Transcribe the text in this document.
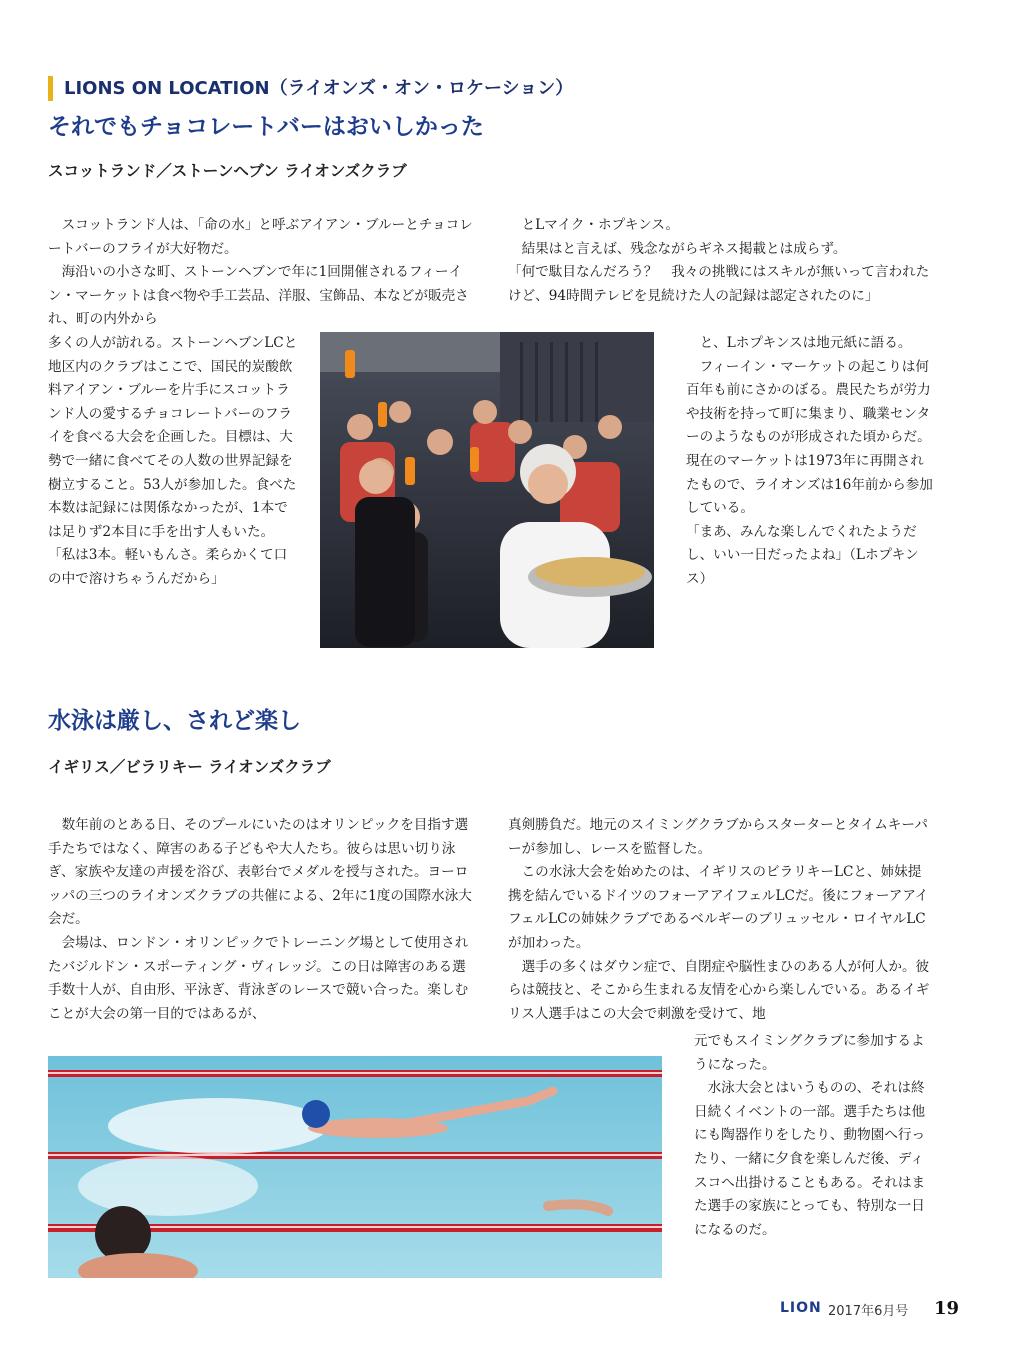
LIONS ON LOCATION（ライオンズ・オン・ロケーション）
それでもチョコレートバーはおいしかった
スコットランド／ストーンヘブン ライオンズクラブ

スコットランド人は、「命の水」と呼ぶアイアン・ブルーとチョコレートバーのフライが大好物だ。

海沿いの小さな町、ストーンヘブンで年に1回開催されるフィーイン・マーケットは食べ物や手工芸品、洋服、宝飾品、本などが販売され、町の内外から

多くの人が訪れる。ストーンヘブンLCと地区内のクラブはここで、国民的炭酸飲料アイアン・ブルーを片手にスコットランド人の愛するチョコレートバーのフライを食べる大会を企画した。目標は、大勢で一緒に食べてその人数の世界記録を樹立すること。53人が参加した。食べた本数は記録には関係なかったが、1本では足りず2本目に手を出す人もいた。

「私は3本。軽いもんさ。柔らかくて口の中で溶けちゃうんだから」

とLマイク・ホプキンス。

結果はと言えば、残念ながらギネス掲載とは成らず。

「何で駄目なんだろう？　我々の挑戦にはスキルが無いって言われたけど、94時間テレビを見続けた人の記録は認定されたのに」

と、Lホプキンスは地元紙に語る。

フィーイン・マーケットの起こりは何百年も前にさかのぼる。農民たちが労力や技術を持って町に集まり、職業センターのようなものが形成された頃からだ。現在のマーケットは1973年に再開されたもので、ライオンズは16年前から参加している。

「まあ、みんな楽しんでくれたようだし、いい一日だったよね」（Lホプキンス）

水泳は厳し、されど楽し
イギリス／ビラリキー ライオンズクラブ

数年前のとある日、そのプールにいたのはオリンピックを目指す選手たちではなく、障害のある子どもや大人たち。彼らは思い切り泳ぎ、家族や友達の声援を浴び、表彰台でメダルを授与された。ヨーロッパの三つのライオンズクラブの共催による、2年に1度の国際水泳大会だ。

会場は、ロンドン・オリンピックでトレーニング場として使用されたバジルドン・スポーティング・ヴィレッジ。この日は障害のある選手数十人が、自由形、平泳ぎ、背泳ぎのレースで競い合った。楽しむことが大会の第一目的ではあるが、

真剣勝負だ。地元のスイミングクラブからスターターとタイムキーパーが参加し、レースを監督した。

この水泳大会を始めたのは、イギリスのビラリキーLCと、姉妹提携を結んでいるドイツのフォーアアイフェルLCだ。後にフォーアアイフェルLCの姉妹クラブであるベルギーのブリュッセル・ロイヤルLCが加わった。

選手の多くはダウン症で、自閉症や脳性まひのある人が何人か。彼らは競技と、そこから生まれる友情を心から楽しんでいる。あるイギリス人選手はこの大会で刺激を受けて、地

元でもスイミングクラブに参加するようになった。

水泳大会とはいうものの、それは終日続くイベントの一部。選手たちは他にも陶器作りをしたり、動物園へ行ったり、一緒に夕食を楽しんだ後、ディスコへ出掛けることもある。それはまた選手の家族にとっても、特別な一日になるのだ。

LION 2017年6月号 19
